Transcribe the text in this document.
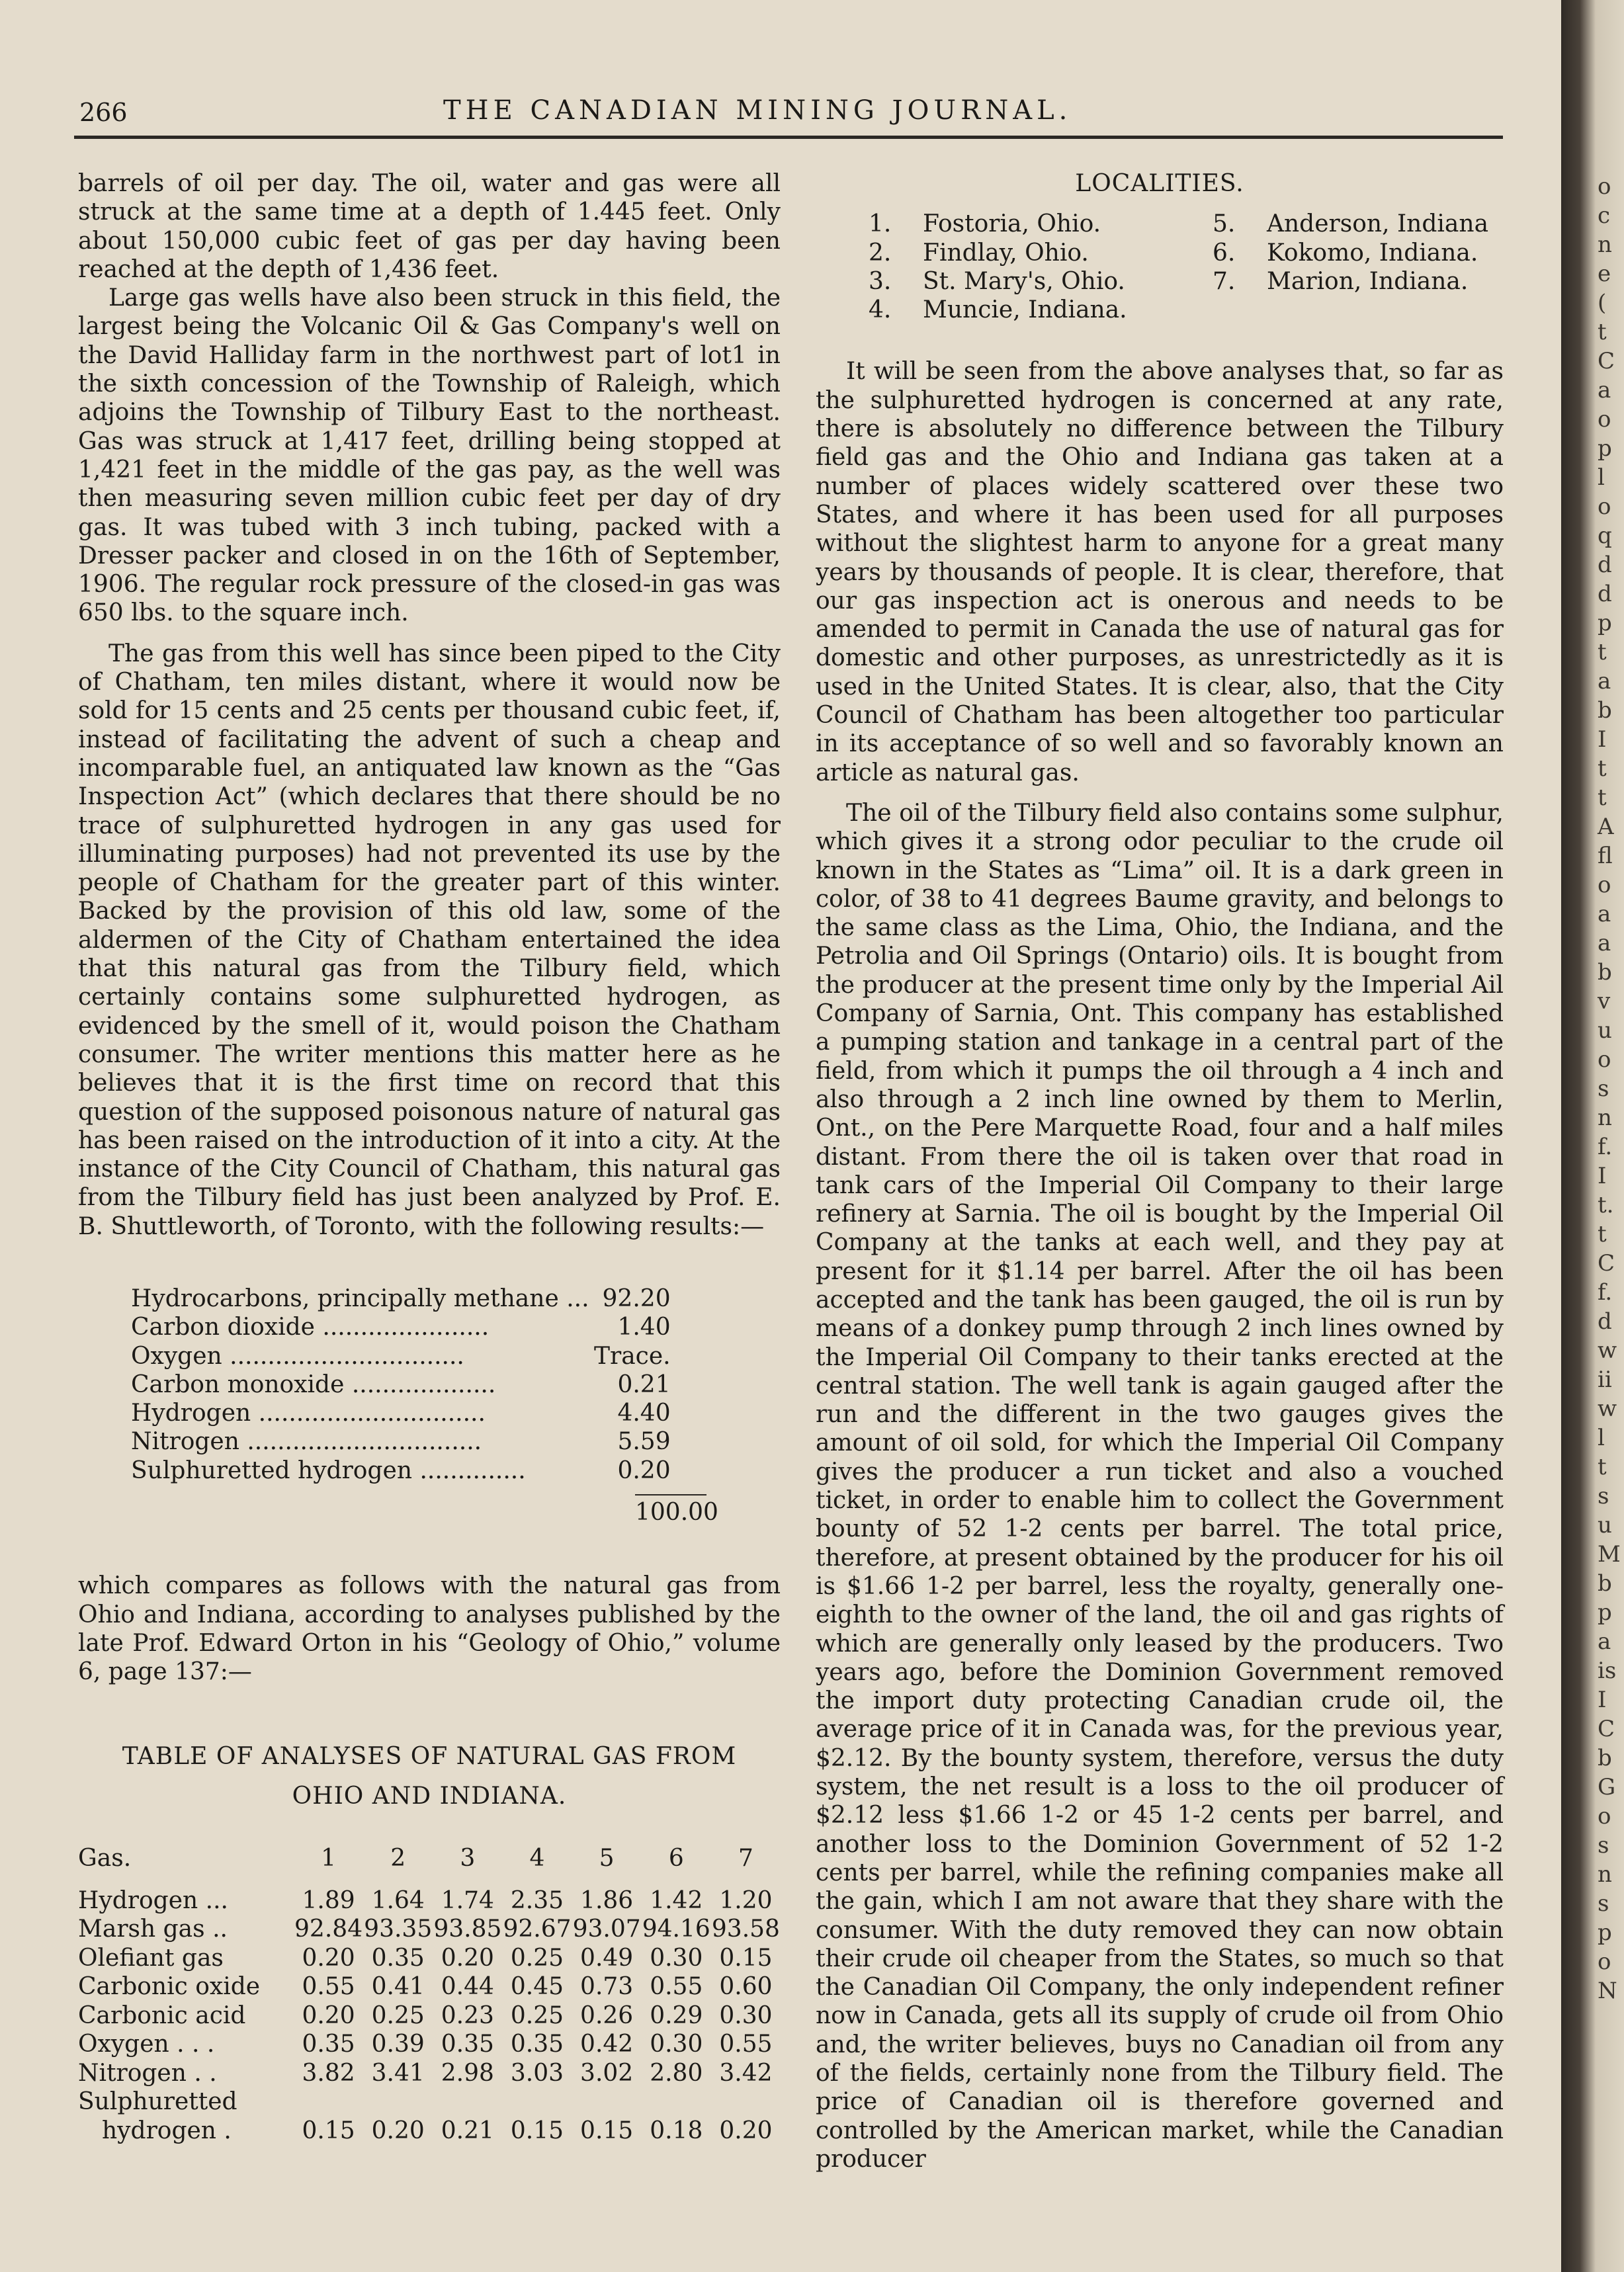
266	THE CANADIAN MINING JOURNAL.

barrels of oil per day. The oil, water and gas were all struck at the same time at a depth of 1.445 feet. Only about 150,000 cubic feet of gas per day having been reached at the depth of 1,436 feet.

Large gas wells have also been struck in this field, the largest being the Volcanic Oil & Gas Company's well on the David Halliday farm in the northwest part of lot1 in the sixth concession of the Township of Raleigh, which adjoins the Township of Tilbury East to the northeast. Gas was struck at 1,417 feet, drilling being stopped at 1,421 feet in the middle of the gas pay, as the well was then measuring seven million cubic feet per day of dry gas. It was tubed with 3 inch tubing, packed with a Dresser packer and closed in on the 16th of September, 1906. The regular rock pressure of the closed-in gas was 650 lbs. to the square inch.

The gas from this well has since been piped to the City of Chatham, ten miles distant, where it would now be sold for 15 cents and 25 cents per thousand cubic feet, if, instead of facilitating the advent of such a cheap and incomparable fuel, an antiquated law known as the “Gas Inspection Act” (which declares that there should be no trace of sulphuretted hydrogen in any gas used for illuminating purposes) had not prevented its use by the people of Chatham for the greater part of this winter. Backed by the provision of this old law, some of the aldermen of the City of Chatham entertained the idea that this natural gas from the Tilbury field, which certainly contains some sulphuretted hydrogen, as evidenced by the smell of it, would poison the Chatham consumer. The writer mentions this matter here as he believes that it is the first time on record that this question of the supposed poisonous nature of natural gas has been raised on the introduction of it into a city. At the instance of the City Council of Chatham, this natural gas from the Tilbury field has just been analyzed by Prof. E. B. Shuttleworth, of Toronto, with the following results:—

Hydrocarbons, principally methane ...	92.20
Carbon dioxide ......................	1.40
Oxygen ...............................	Trace.
Carbon monoxide ...................	0.21
Hydrogen ..............................	4.40
Nitrogen ...............................	5.59
Sulphuretted hydrogen ..............	0.20
100.00

which compares as follows with the natural gas from Ohio and Indiana, according to analyses published by the late Prof. Edward Orton in his “Geology of Ohio,” volume 6, page 137:—

TABLE OF ANALYSES OF NATURAL GAS FROM
OHIO AND INDIANA.
Gas.	1	2	3	4	5	6	7
Hydrogen ...	1.89	1.64	1.74	2.35	1.86	1.42	1.20
Marsh gas ..	92.84	93.35	93.85	92.67	93.07	94.16	93.58
Olefiant gas	0.20	0.35	0.20	0.25	0.49	0.30	0.15
Carbonic oxide	0.55	0.41	0.44	0.45	0.73	0.55	0.60
Carbonic acid	0.20	0.25	0.23	0.25	0.26	0.29	0.30
Oxygen . . .	0.35	0.39	0.35	0.35	0.42	0.30	0.55
Nitrogen . .	3.82	3.41	2.98	3.03	3.02	2.80	3.42
Sulphuretted							
hydrogen .	0.15	0.20	0.21	0.15	0.15	0.18	0.20
LOCALITIES.

1. Fostoria, Ohio.

2. Findlay, Ohio.

3. St. Mary's, Ohio.

4. Muncie, Indiana.

5. Anderson, Indiana

6. Kokomo, Indiana.

7. Marion, Indiana.

It will be seen from the above analyses that, so far as the sulphuretted hydrogen is concerned at any rate, there is absolutely no difference between the Tilbury field gas and the Ohio and Indiana gas taken at a number of places widely scattered over these two States, and where it has been used for all purposes without the slightest harm to anyone for a great many years by thousands of people. It is clear, therefore, that our gas inspection act is onerous and needs to be amended to permit in Canada the use of natural gas for domestic and other purposes, as unrestrictedly as it is used in the United States. It is clear, also, that the City Council of Chatham has been altogether too particular in its acceptance of so well and so favorably known an article as natural gas.

The oil of the Tilbury field also contains some sulphur, which gives it a strong odor peculiar to the crude oil known in the States as “Lima” oil. It is a dark green in color, of 38 to 41 degrees Baume gravity, and belongs to the same class as the Lima, Ohio, the Indiana, and the Petrolia and Oil Springs (Ontario) oils. It is bought from the producer at the present time only by the Imperial Ail Company of Sarnia, Ont. This company has established a pumping station and tankage in a central part of the field, from which it pumps the oil through a 4 inch and also through a 2 inch line owned by them to Merlin, Ont., on the Pere Marquette Road, four and a half miles distant. From there the oil is taken over that road in tank cars of the Imperial Oil Company to their large refinery at Sarnia. The oil is bought by the Imperial Oil Company at the tanks at each well, and they pay at present for it $1.14 per barrel. After the oil has been accepted and the tank has been gauged, the oil is run by means of a donkey pump through 2 inch lines owned by the Imperial Oil Company to their tanks erected at the central station. The well tank is again gauged after the run and the different in the two gauges gives the amount of oil sold, for which the Imperial Oil Company gives the producer a run ticket and also a vouched ticket, in order to enable him to collect the Government bounty of 52 1-2 cents per barrel. The total price, therefore, at present obtained by the producer for his oil is $1.66 1-2 per barrel, less the royalty, generally one-eighth to the owner of the land, the oil and gas rights of which are generally only leased by the producers. Two years ago, before the Dominion Government removed the import duty protecting Canadian crude oil, the average price of it in Canada was, for the previous year, $2.12. By the bounty system, therefore, versus the duty system, the net result is a loss to the oil producer of $2.12 less $1.66 1-2 or 45 1-2 cents per barrel, and another loss to the Dominion Government of 52 1-2 cents per barrel, while the refining companies make all the gain, which I am not aware that they share with the consumer. With the duty removed they can now obtain their crude oil cheaper from the States, so much so that the Canadian Oil Company, the only independent refiner now in Canada, gets all its supply of crude oil from Ohio and, the writer believes, buys no Canadian oil from any of the fields, certainly none from the Tilbury field. The price of Canadian oil is therefore governed and controlled by the American market, while the Canadian producer

o c n e ( t C a o p l o q d d p t a b I t t A fl o a a b v u o s n f. I t. t C f. d w ii w l t s u M b p a is I C b G o s n s p o N
